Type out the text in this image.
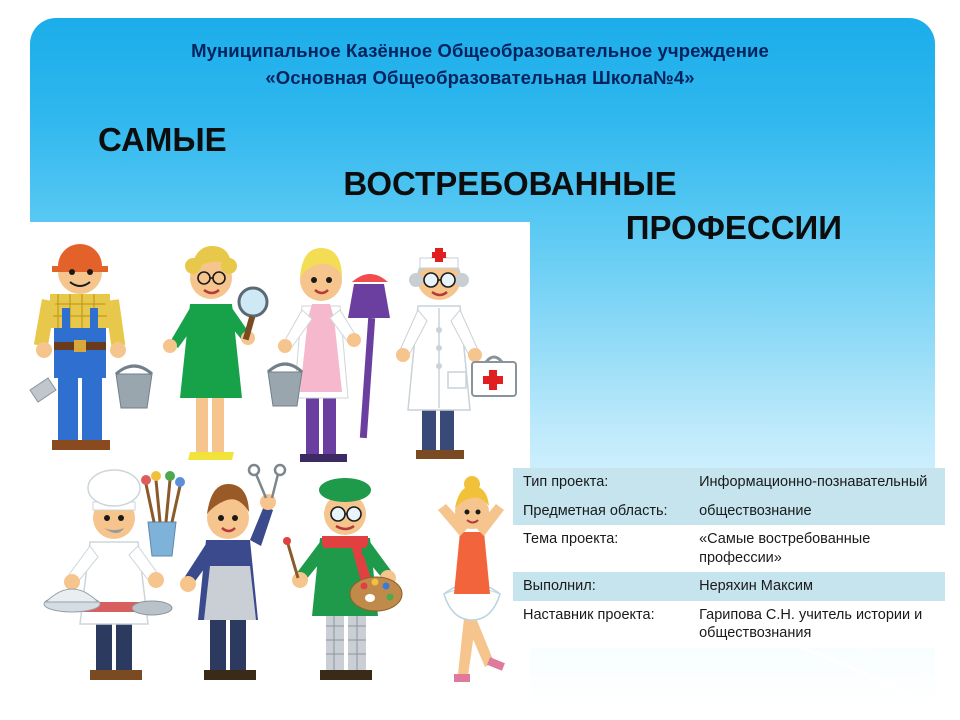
Муниципальное Казённое Общеобразовательное учреждение
«Основная Общеобразовательная Школа№4»
САМЫЕ
ВОСТРЕБОВАННЫЕ
ПРОФЕССИИ
Тип проекта:	Информационно-познавательный
Предметная область:	обществознание
Тема проекта:	«Самые востребованные профессии»
Выполнил:	Неряхин Максим
Наставник проекта:	Гарипова С.Н. учитель истории и обществознания
